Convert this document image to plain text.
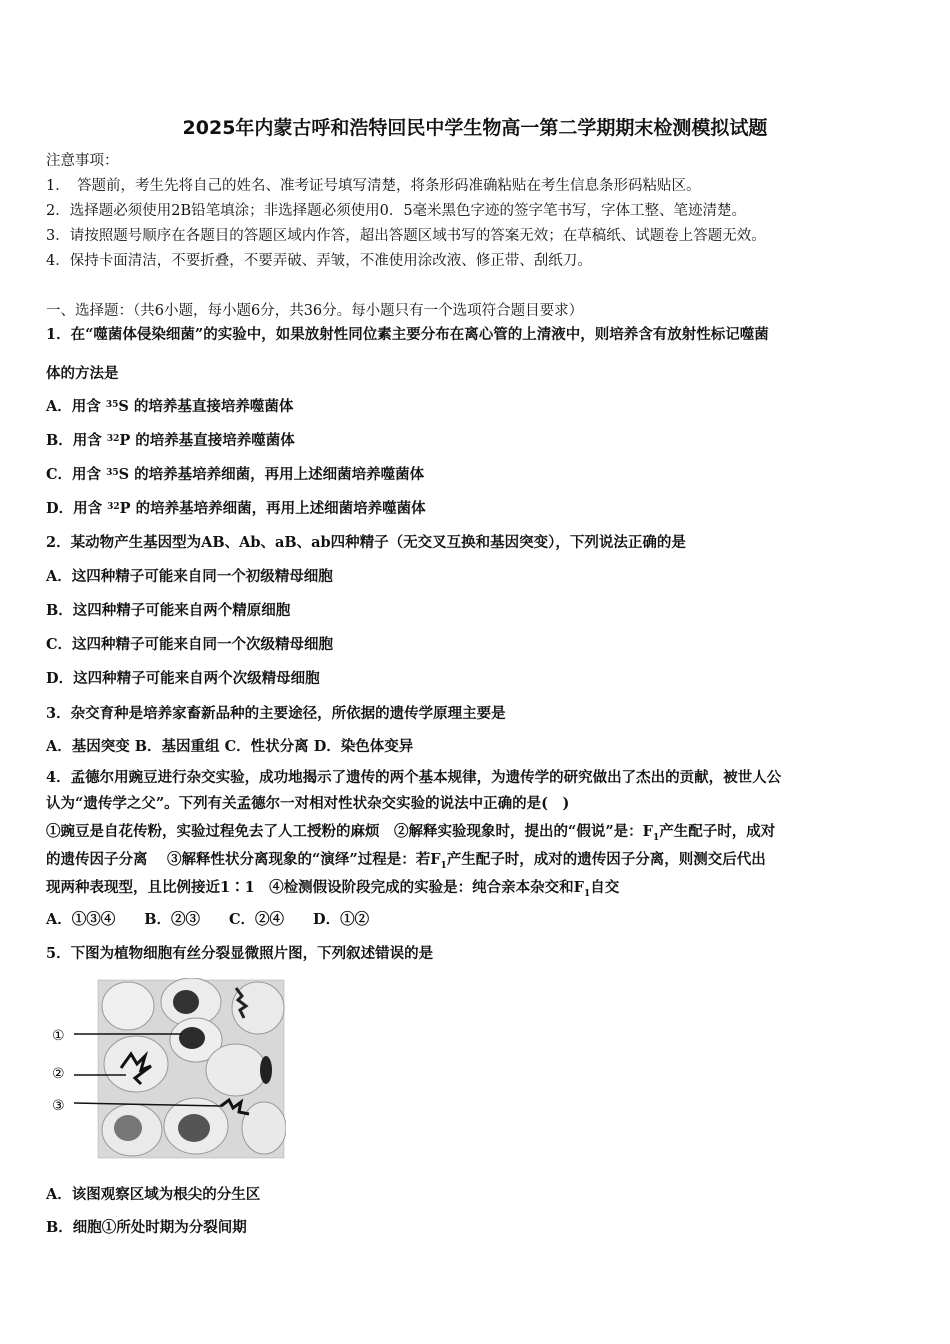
2025年内蒙古呼和浩特回民中学生物高一第二学期期末检测模拟试题
注意事项：
1．　答题前，考生先将自己的姓名、准考证号填写清楚，将条形码准确粘贴在考生信息条形码粘贴区。
2．选择题必须使用2B铅笔填涂；非选择题必须使用0．5毫米黑色字迹的签字笔书写，字体工整、笔迹清楚。
3．请按照题号顺序在各题目的答题区域内作答，超出答题区域书写的答案无效；在草稿纸、试题卷上答题无效。
4．保持卡面清洁，不要折叠，不要弄破、弄皱，不准使用涂改液、修正带、刮纸刀。
一、选择题：（共6小题，每小题6分，共36分。每小题只有一个选项符合题目要求）
1．在“噬菌体侵染细菌”的实验中，如果放射性同位素主要分布在离心管的上清液中，则培养含有放射性标记噬菌
体的方法是
A．用含 $^{35}$S 的培养基直接培养噬菌体
B．用含 $^{32}$P 的培养基直接培养噬菌体
C．用含 $^{35}$S 的培养基培养细菌，再用上述细菌培养噬菌体
D．用含 $^{32}$P 的培养基培养细菌，再用上述细菌培养噬菌体
2．某动物产生基因型为AB、Ab、aB、ab四种精子（无交叉互换和基因突变），下列说法正确的是
A．这四种精子可能来自同一个初级精母细胞
B．这四种精子可能来自两个精原细胞
C．这四种精子可能来自同一个次级精母细胞
D．这四种精子可能来自两个次级精母细胞
3．杂交育种是培养家畜新品种的主要途径，所依据的遗传学原理主要是
A．基因突变 B．基因重组 C．性状分离 D．染色体变异
4．孟德尔用豌豆进行杂交实验，成功地揭示了遗传的两个基本规律，为遗传学的研究做出了杰出的贡献，被世人公
认为“遗传学之父”。下列有关孟德尔一对相对性状杂交实验的说法中正确的是(　)
①豌豆是自花传粉，实验过程免去了人工授粉的麻烦　②解释实验现象时，提出的“假说”是：$F_1$产生配子时，成对
的遗传因子分离　 ③解释性状分离现象的“演绎”过程是：若$F_1$产生配子时，成对的遗传因子分离，则测交后代出
现两种表现型，且比例接近1∶1　④检测假设阶段完成的实验是：纯合亲本杂交和$F_1$自交
A．①③④　　B．②③　　C．②④　　D．①②
5．下图为植物细胞有丝分裂显微照片图，下列叙述错误的是
①
②
③
A．该图观察区域为根尖的分生区
B．细胞①所处时期为分裂间期
